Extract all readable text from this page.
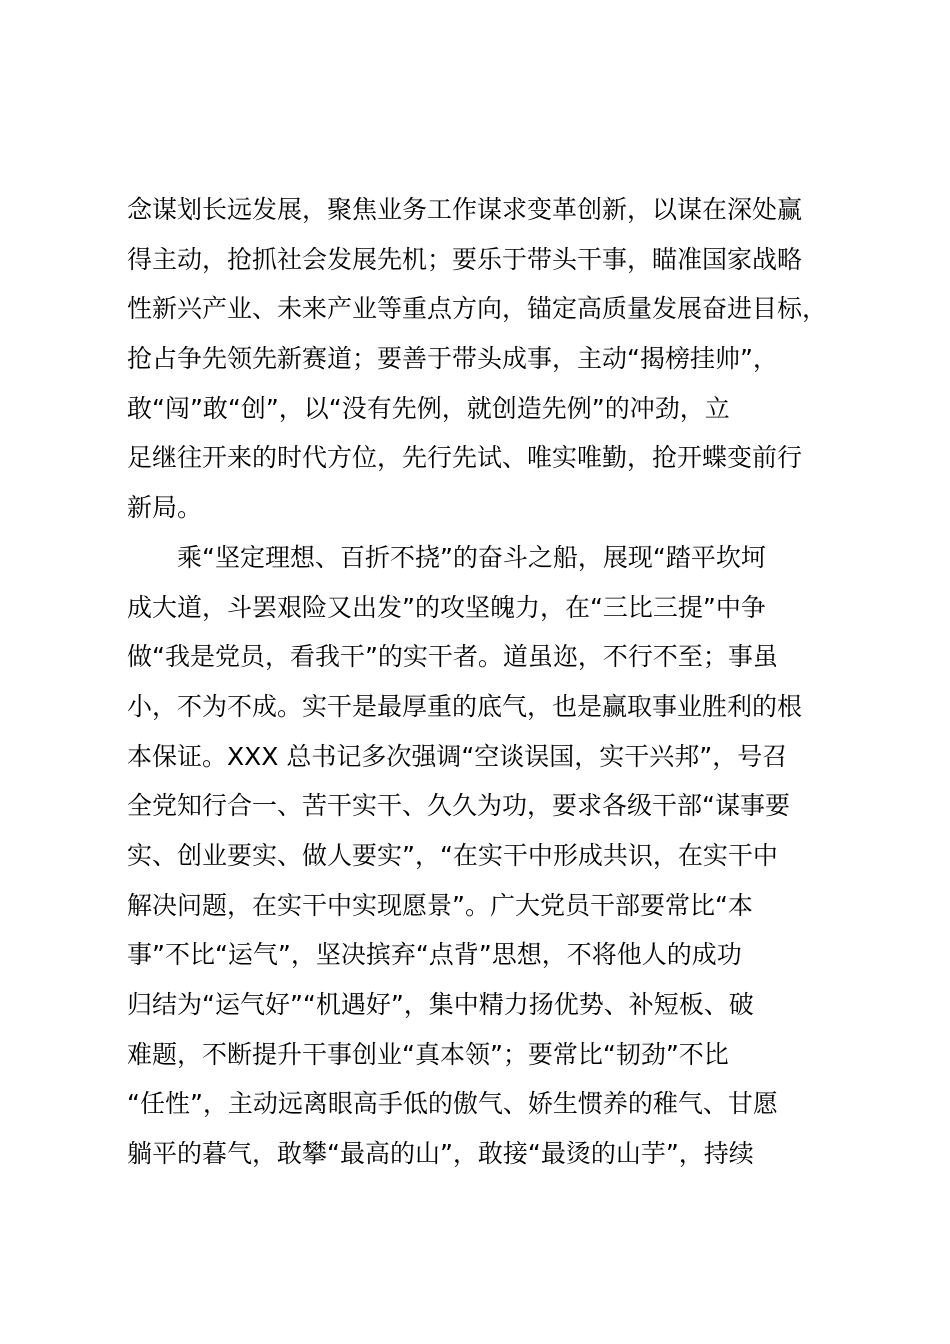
念谋划长远发展，聚焦业务工作谋求变革创新，以谋在深处赢
得主动，抢抓社会发展先机；要乐于带头干事，瞄准国家战略
性新兴产业、未来产业等重点方向，锚定高质量发展奋进目标，
抢占争先领先新赛道；要善于带头成事，主动“揭榜挂帅”，
敢“闯”敢“创”，以“没有先例，就创造先例”的冲劲，立
足继往开来的时代方位，先行先试、唯实唯勤，抢开蝶变前行
新局。
　　乘“坚定理想、百折不挠”的奋斗之船，展现“踏平坎坷
成大道，斗罢艰险又出发”的攻坚魄力，在“三比三提”中争
做“我是党员，看我干”的实干者。道虽迩，不行不至；事虽
小，不为不成。实干是最厚重的底气，也是赢取事业胜利的根
本保证。XXX 总书记多次强调“空谈误国，实干兴邦”，号召
全党知行合一、苦干实干、久久为功，要求各级干部“谋事要
实、创业要实、做人要实”，“在实干中形成共识，在实干中
解决问题，在实干中实现愿景”。广大党员干部要常比“本
事”不比“运气”，坚决摈弃“点背”思想，不将他人的成功
归结为“运气好”“机遇好”，集中精力扬优势、补短板、破
难题，不断提升干事创业“真本领”；要常比“韧劲”不比
“任性”，主动远离眼高手低的傲气、娇生惯养的稚气、甘愿
躺平的暮气，敢攀“最高的山”，敢接“最烫的山芋”，持续
